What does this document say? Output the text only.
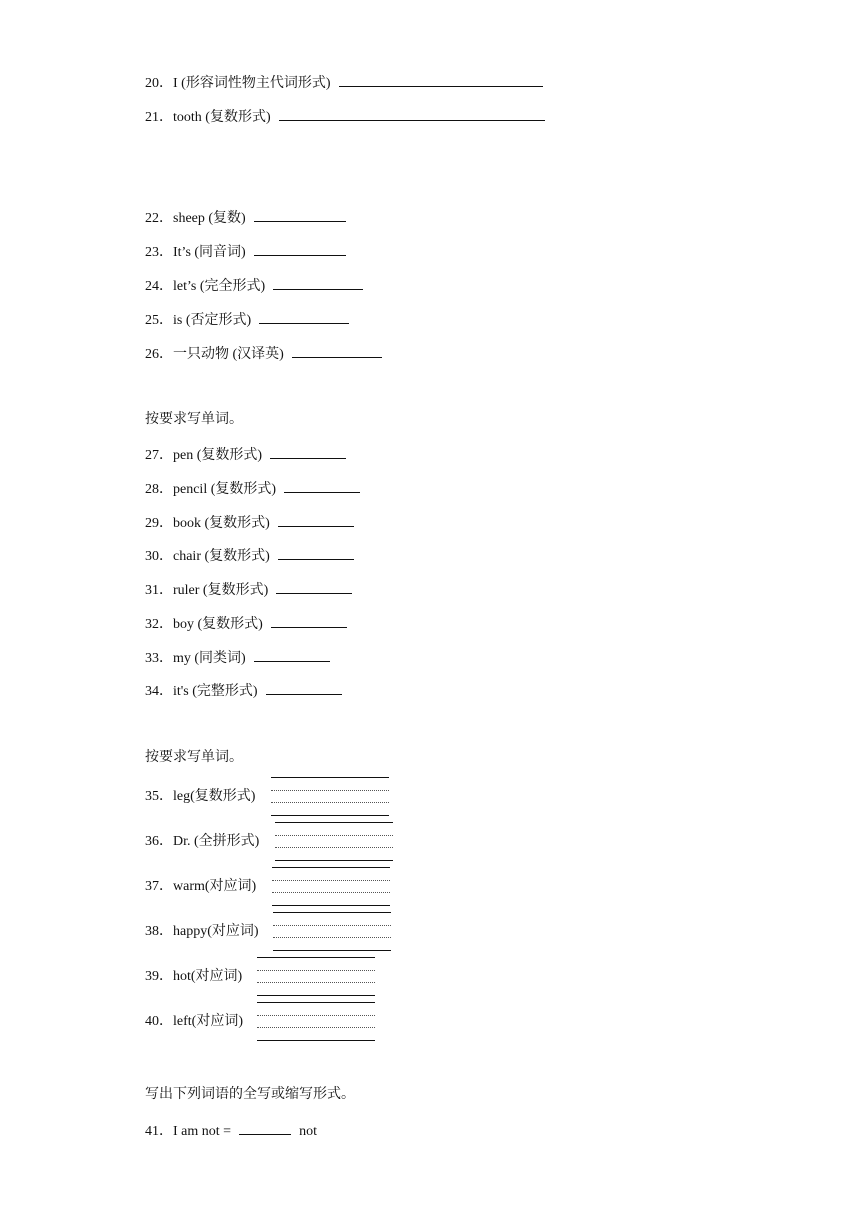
20．I (形容词性物主代词形式)
21．tooth (复数形式)
22．sheep (复数)
23．It’s (同音词)
24．let’s (完全形式)
25．is (否定形式)
26．一只动物 (汉译英)
按要求写单词。
27．pen (复数形式)
28．pencil (复数形式)
29．book (复数形式)
30．chair (复数形式)
31．ruler (复数形式)
32．boy (复数形式)
33．my (同类词)
34．it's (完整形式)
按要求写单词。
35．leg(复数形式)
36．Dr. (全拼形式)
37．warm(对应词)
38．happy(对应词)
39．hot(对应词)
40．left(对应词)
写出下列词语的全写或缩写形式。
41．I am not =	not
